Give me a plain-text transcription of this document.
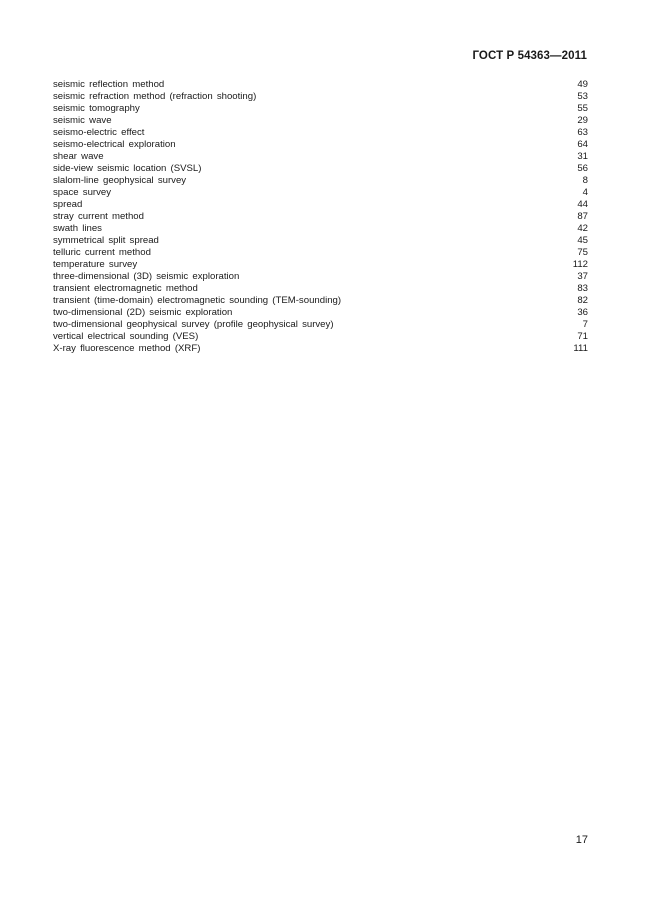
ГОСТ Р 54363—2011
seismic reflection method	49
seismic refraction method (refraction shooting)	53
seismic tomography	55
seismic wave	29
seismo-electric effect	63
seismo-electrical exploration	64
shear wave	31
side-view seismic location (SVSL)	56
slalom-line geophysical survey	8
space survey	4
spread	44
stray current method	87
swath lines	42
symmetrical split spread	45
telluric current method	75
temperature survey	112
three-dimensional (3D) seismic exploration	37
transient electromagnetic method	83
transient (time-domain) electromagnetic sounding (TEM-sounding)	82
two-dimensional (2D) seismic exploration	36
two-dimensional geophysical survey (profile geophysical survey)	7
vertical electrical sounding (VES)	71
X-ray fluorescence method (XRF)	111
17
